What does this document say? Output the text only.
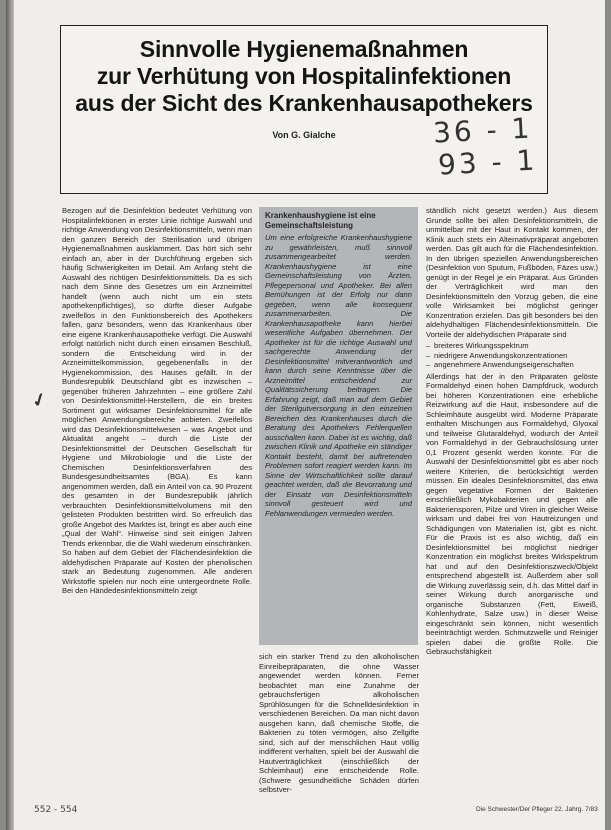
Sinnvolle Hygienemaßnahmen
zur Verhütung von Hospitalinfektionen
aus der Sicht des Krankenhausapothekers
Von G. Gialche	36 - 1
93 - 1
✓

Bezogen auf die Desinfektion bedeutet Verhütung von Hospitalinfektionen in erster Linie richtige Auswahl und richtige Anwendung von Desinfektionsmitteln, wenn man den ganzen Bereich der Sterilisation und übrigen Hygienemaßnahmen ausklammert. Das hört sich sehr einfach an, aber in der Durchführung ergeben sich häufig Schwierigkeiten im Detail. Am Anfang steht die Auswahl des richtigen Desinfektionsmittels. Da es sich nach dem Sinne des Gesetzes um ein Arzneimittel handelt (wenn auch nicht um ein stets apothekenpflichtiges), so dürfte dieser Aufgabe zweifellos in den Funktionsbereich des Apothekers fallen, ganz besonders, wenn das Krankenhaus über eine eigene Krankenhausapotheke verfügt. Die Auswahl erfolgt natürlich nicht durch einen einsamen Beschluß, sondern die Entscheidung wird in der Arzneimittelkommission, gegebenenfalls in der Hygienekommission, des Hauses gefällt. In der Bundesrepublik Deutschland gibt es inzwischen – gegenüber früheren Jahrzehnten – eine größere Zahl von Desinfektionsmittel-Herstellern, die ein breites Sortiment gut wirksamer Desinfektionsmittel für alle möglichen Anwendungsbereiche anbieten. Zweifellos wird das Desinfektionsmittelwesen – was Angebot und Aktualität angeht – durch die Liste der Desinfektionsmittel der Deutschen Gesellschaft für Hygiene und Mikrobiologie und die Liste der Chemischen Desinfektionsverfahren des Bundesgesundheitsamtes (BGA). Es kann angenommen werden, daß ein Anteil von ca. 90 Prozent des gesamten in der Bundesrepublik jährlich verbrauchten Desinfektionsmittelvolumens mit den gelisteten Produkten bestritten wird. So erfreulich das große Angebot des Marktes ist, bringt es aber auch eine „Qual der Wahl“. Hinweise sind seit einigen Jahren Trends erkennbar, die die Wahl wiederum einschränken. So haben auf dem Gebiet der Flächendesinfektion die aldehydischen Präparate auf Kosten der phenolischen stark an Bedeutung zugenommen. Alle anderen Wirkstoffe spielen nur noch eine untergeordnete Rolle. Bei den Händedesinfektionsmitteln zeigt

Krankenhaushygiene ist eine Gemeinschaftsleistung
Um eine erfolgreiche Krankenhaushygiene zu gewährleisten, muß sinnvoll zusammengearbeitet werden. Krankenhaushygiene ist eine Gemeinschaftsleistung von Ärzten, Pflegepersonal und Apotheker. Bei allen Bemühungen ist der Erfolg nur dann gegeben, wenn alle konsequent zusammenarbeiten. Die Krankenhausapotheke kann hierbei wesentliche Aufgaben übernehmen. Der Apotheker ist für die richtige Auswahl und sachgerechte Anwendung der Desinfektionsmittel mitverantwortlich und kann durch seine Kenntnisse über die Arzneimittel entscheidend zur Qualitätssicherung beitragen. Die Erfahrung zeigt, daß man auf dem Gebiet der Sterilgutversorgung in den einzelnen Bereichen des Krankenhauses durch die Beratung des Apothekers Fehlerquellen ausschalten kann. Dabei ist es wichtig, daß zwischen Klinik und Apotheke ein ständiger Kontakt besteht, damit bei auftretenden Problemen sofort reagiert werden kann. Im Sinne der Wirtschaftlichkeit sollte darauf geachtet werden, daß die Bevorratung und der Einsatz von Desinfektionsmitteln sinnvoll gesteuert wird und Fehlanwendungen vermieden werden.

sich ein starker Trend zu den alkoholischen Einreibepräparaten, die ohne Wasser angewendet werden können. Ferner beobachtet man eine Zunahme der gebrauchsfertigen alkoholischen Sprühlösungen für die Schnelldesinfektion in verschiedenen Bereichen. Da man nicht davon ausgehen kann, daß chemische Stoffe, die Bakterien zu töten vermögen, also Zellgifte sind, sich auf der menschlichen Haut völlig indifferent verhalten, spielt bei der Auswahl die Hautverträglichkeit (einschließlich der Schleimhaut) eine entscheidende Rolle. (Schwere gesundheitliche Schäden dürfen selbstver-

ständlich nicht gesetzt werden.) Aus diesem Grunde sollte bei allen Desinfektionsmitteln, die unmittelbar mit der Haut in Kontakt kommen, der Klinik auch stets ein Alternativpräparat angeboten werden. Das gilt auch für die Flächendesinfektion. In den übrigen speziellen Anwendungsbereichen (Desinfektion von Sputum, Fußböden, Fäzes usw.) genügt in der Regel je ein Präparat. Aus Gründen der Verträglichkeit wird man den Desinfektionsmitteln den Vorzug geben, die eine volle Wirksamkeit bei möglichst geringer Konzentration erzielen. Das gilt besonders bei den aldehydhaltigen Flächendesinfektionsmitteln. Die Vorteile der aldehydischen Präparate sind

– breiteres Wirkungsspektrum
– niedrigere Anwendungskonzentrationen
– angenehmere Anwendungseigenschaften

Allerdings hat der in den Präparaten gelöste Formaldehyd einen hohen Dampfdruck, wodurch bei höheren Konzentrationen eine erhebliche Reizwirkung auf die Haut, insbesondere auf die Schleimhäute ausgeübt wird. Moderne Präparate enthalten Mischungen aus Formaldehyd, Glyoxal und teilweise Glutaraldehyd, wodurch der Anteil von Formaldehyd in der Gebrauchslösung unter 0,1 Prozent gesenkt werden konnte. Für die Auswahl der Desinfektionsmittel gibt es aber noch weitere Kriterien, die berücksichtigt werden müssen. Ein ideales Desinfektionsmittel, das etwa gegen vegetative Formen der Bakterien einschließlich Mykobakterien und gegen alle Bakteriensporen, Pilze und Viren in gleicher Weise wirksam und dabei frei von Hautreizungen und Schädigungen von Materialien ist, gibt es nicht. Für die Praxis ist es also wichtig, daß ein Desinfektionsmittel bei möglichst niedriger Konzentration ein möglichst breites Wirkspektrum hat und auf den Desinfektionszweck/Objekt entsprechend abgestellt ist. Außerdem aber soll die Wirkung zuverlässig sein, d.h. das Mittel darf in seiner Wirkung durch anorganische und organische Substanzen (Fett, Eiweiß, Kohlenhydrate, Salze usw.) in dieser Weise eingeschränkt sein können, nicht wesentlich beeinträchtigt werden. Schmutzwelle und Reiniger spielen dabei die größte Rolle. Die Gebrauchsfähigkeit

552 - 554	Die Schwester/Der Pfleger 22. Jahrg. 7/83
